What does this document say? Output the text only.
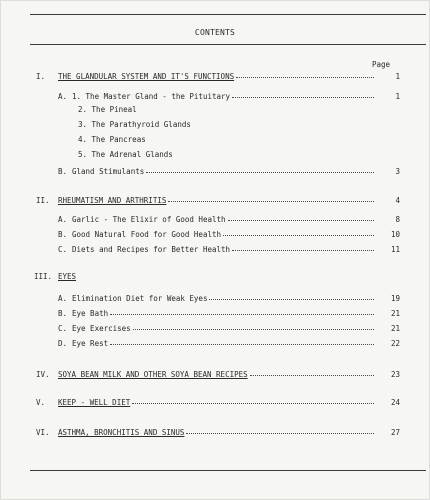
CONTENTS
Page
I. THE GLANDULAR SYSTEM AND IT'S FUNCTIONS	1
A. 1. The Master Gland - the Pituitary	1
2. The Pineal
3. The Parathyroid Glands
4. The Pancreas
5. The Adrenal Glands
B. Gland Stimulants	3
II. RHEUMATISM AND ARTHRITIS	4
A. Garlic - The Elixir of Good Health	8
B. Good Natural Food for Good Health	10
C. Diets and Recipes for Better Health	11
III. EYES
A. Elimination Diet for Weak Eyes	19
B. Eye Bath	21
C. Eye Exercises	21
D. Eye Rest	22
IV. SOYA BEAN MILK AND OTHER SOYA BEAN RECIPES	23
V. KEEP - WELL DIET	24
VI. ASTHMA, BRONCHITIS AND SINUS	27
